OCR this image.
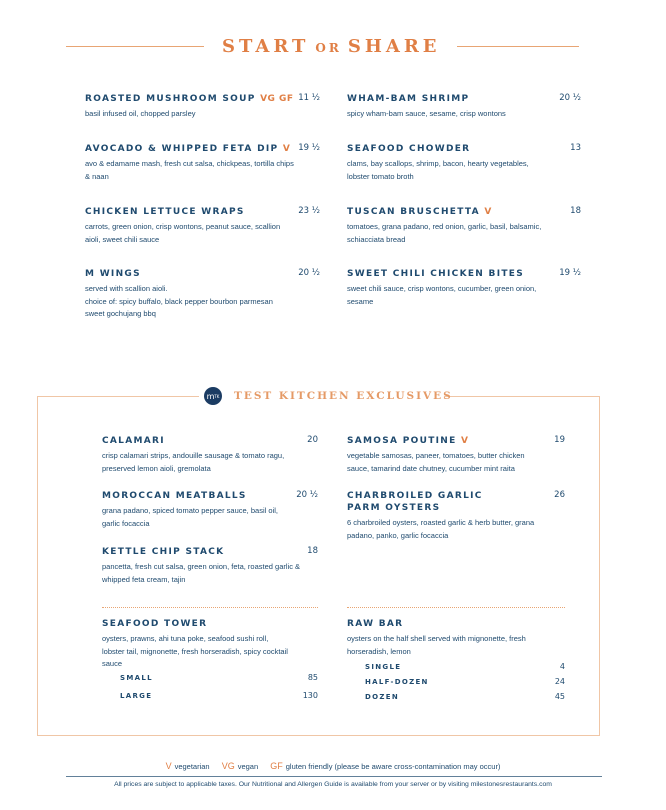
START OR SHARE
ROASTED MUSHROOM SOUP VG GF 11 ½
basil infused oil, chopped parsley
AVOCADO & WHIPPED FETA DIP V 19 ½
avo & edamame mash, fresh cut salsa, chickpeas, tortilla chips & naan
CHICKEN LETTUCE WRAPS	23 ½
carrots, green onion, crisp wontons, peanut sauce, scallion aioli, sweet chili sauce
M WINGS	20 ½
served with scallion aioli.
choice of: spicy buffalo, black pepper bourbon parmesan
sweet gochujang bbq
WHAM-BAM SHRIMP	20 ½
spicy wham-bam sauce, sesame, crisp wontons
SEAFOOD CHOWDER	13
clams, bay scallops, shrimp, bacon, hearty vegetables, lobster tomato broth
TUSCAN BRUSCHETTA V	18
tomatoes, grana padano, red onion, garlic, basil, balsamic, schiacciata bread
SWEET CHILI CHICKEN BITES	19 ½
sweet chili sauce, crisp wontons, cucumber, green onion, sesame
m TK TEST KITCHEN EXCLUSIVES
CALAMARI	20
crisp calamari strips, andouille sausage & tomato ragu, preserved lemon aioli, gremolata
MOROCCAN MEATBALLS	20 ½
grana padano, spiced tomato pepper sauce, basil oil, garlic focaccia
KETTLE CHIP STACK	18
pancetta, fresh cut salsa, green onion, feta, roasted garlic & whipped feta cream, tajin
SAMOSA POUTINE V	19
vegetable samosas, paneer, tomatoes, butter chicken sauce, tamarind date chutney, cucumber mint raita
CHARBROILED GARLIC PARM OYSTERS
26
6 charbroiled oysters, roasted garlic & herb butter, grana padano, panko, garlic focaccia
SEAFOOD TOWER
oysters, prawns, ahi tuna poke, seafood sushi roll, lobster tail, mignonette, fresh horseradish, spicy cocktail sauce
SMALL	85
LARGE	130
RAW BAR
oysters on the half shell served with mignonette, fresh horseradish, lemon
SINGLE	4
HALF-DOZEN	24
DOZEN	45
V vegetarian VG vegan GF gluten friendly (please be aware cross-contamination may occur)
All prices are subject to applicable taxes. Our Nutritional and Allergen Guide is available from your server or by visiting milestonesrestaurants.com
